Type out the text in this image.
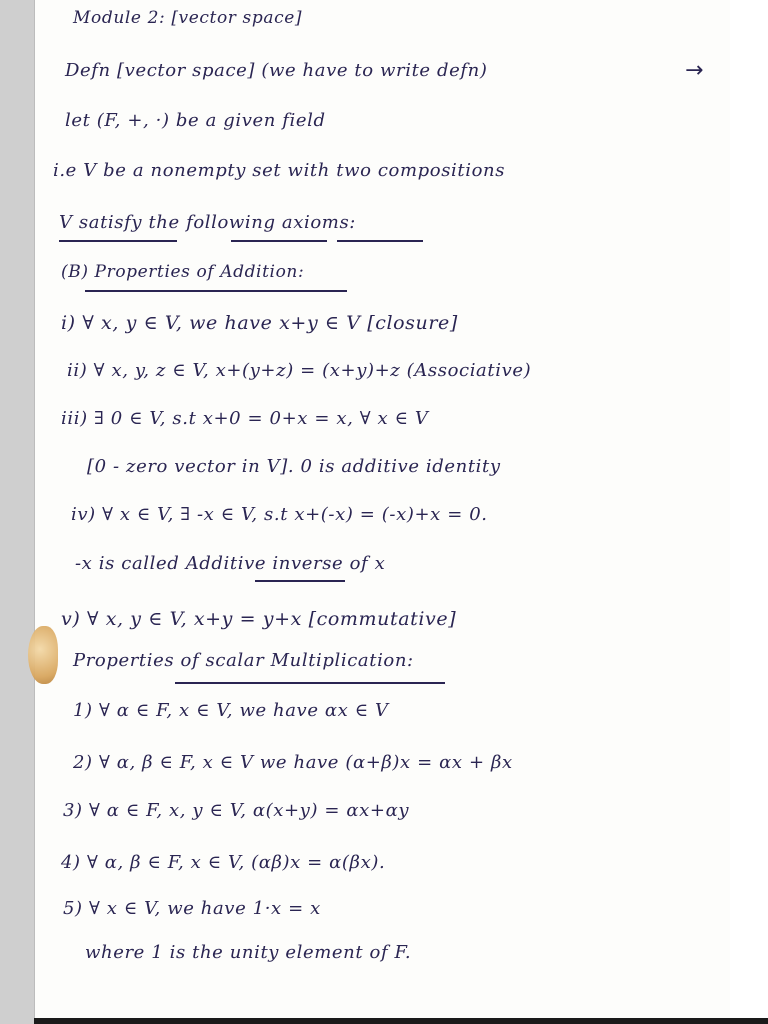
Module 2: [vector space]
Defn [vector space] (we have to write defn)	→
let (F, +, ·) be a given field
i.e V be a nonempty set with two compositions
V satisfy the following axioms:
(B) Properties of Addition:
i) ∀ x, y ∈ V, we have x+y ∈ V [closure]
ii) ∀ x, y, z ∈ V, x+(y+z) = (x+y)+z (Associative)
iii) ∃ 0 ∈ V, s.t x+0 = 0+x = x, ∀ x ∈ V
[0 - zero vector in V]. 0 is additive identity
iv) ∀ x ∈ V, ∃ -x ∈ V, s.t x+(-x) = (-x)+x = 0.
-x is called Additive inverse of x
v) ∀ x, y ∈ V, x+y = y+x [commutative]
Properties of scalar Multiplication:
1) ∀ α ∈ F, x ∈ V, we have αx ∈ V
2) ∀ α, β ∈ F, x ∈ V we have (α+β)x = αx + βx
3) ∀ α ∈ F, x, y ∈ V, α(x+y) = αx+αy
4) ∀ α, β ∈ F, x ∈ V, (αβ)x = α(βx).
5) ∀ x ∈ V, we have 1·x = x
where 1 is the unity element of F.
